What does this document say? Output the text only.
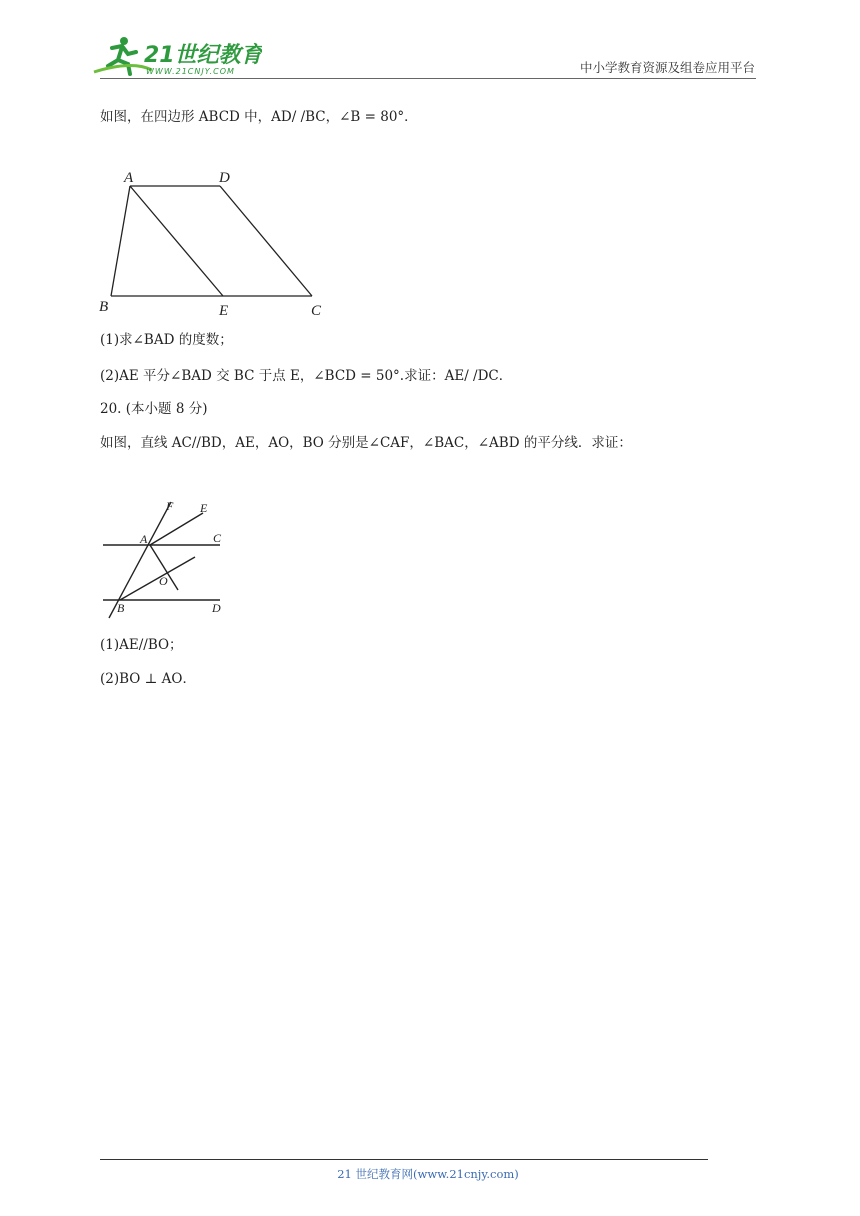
21世纪教育
WWW.21CNJY.COM	中小学教育资源及组卷应用平台
如图，在四边形 ABCD 中，AD/ /BC，∠B = 80°．
A	D
B	E	C
(1)求∠BAD 的度数；
(2)AE 平分∠BAD 交 BC 于点 E，∠BCD = 50°.求证：AE/ /DC．
20. (本小题 8 分)
如图，直线 AC//BD，AE，AO，BO 分别是∠CAF，∠BAC，∠ABD 的平分线．求证：
F E
A	C
O
B	D
(1)AE//BO；
(2)BO ⊥ AO．
21 世纪教育网(www.21cnjy.com)
